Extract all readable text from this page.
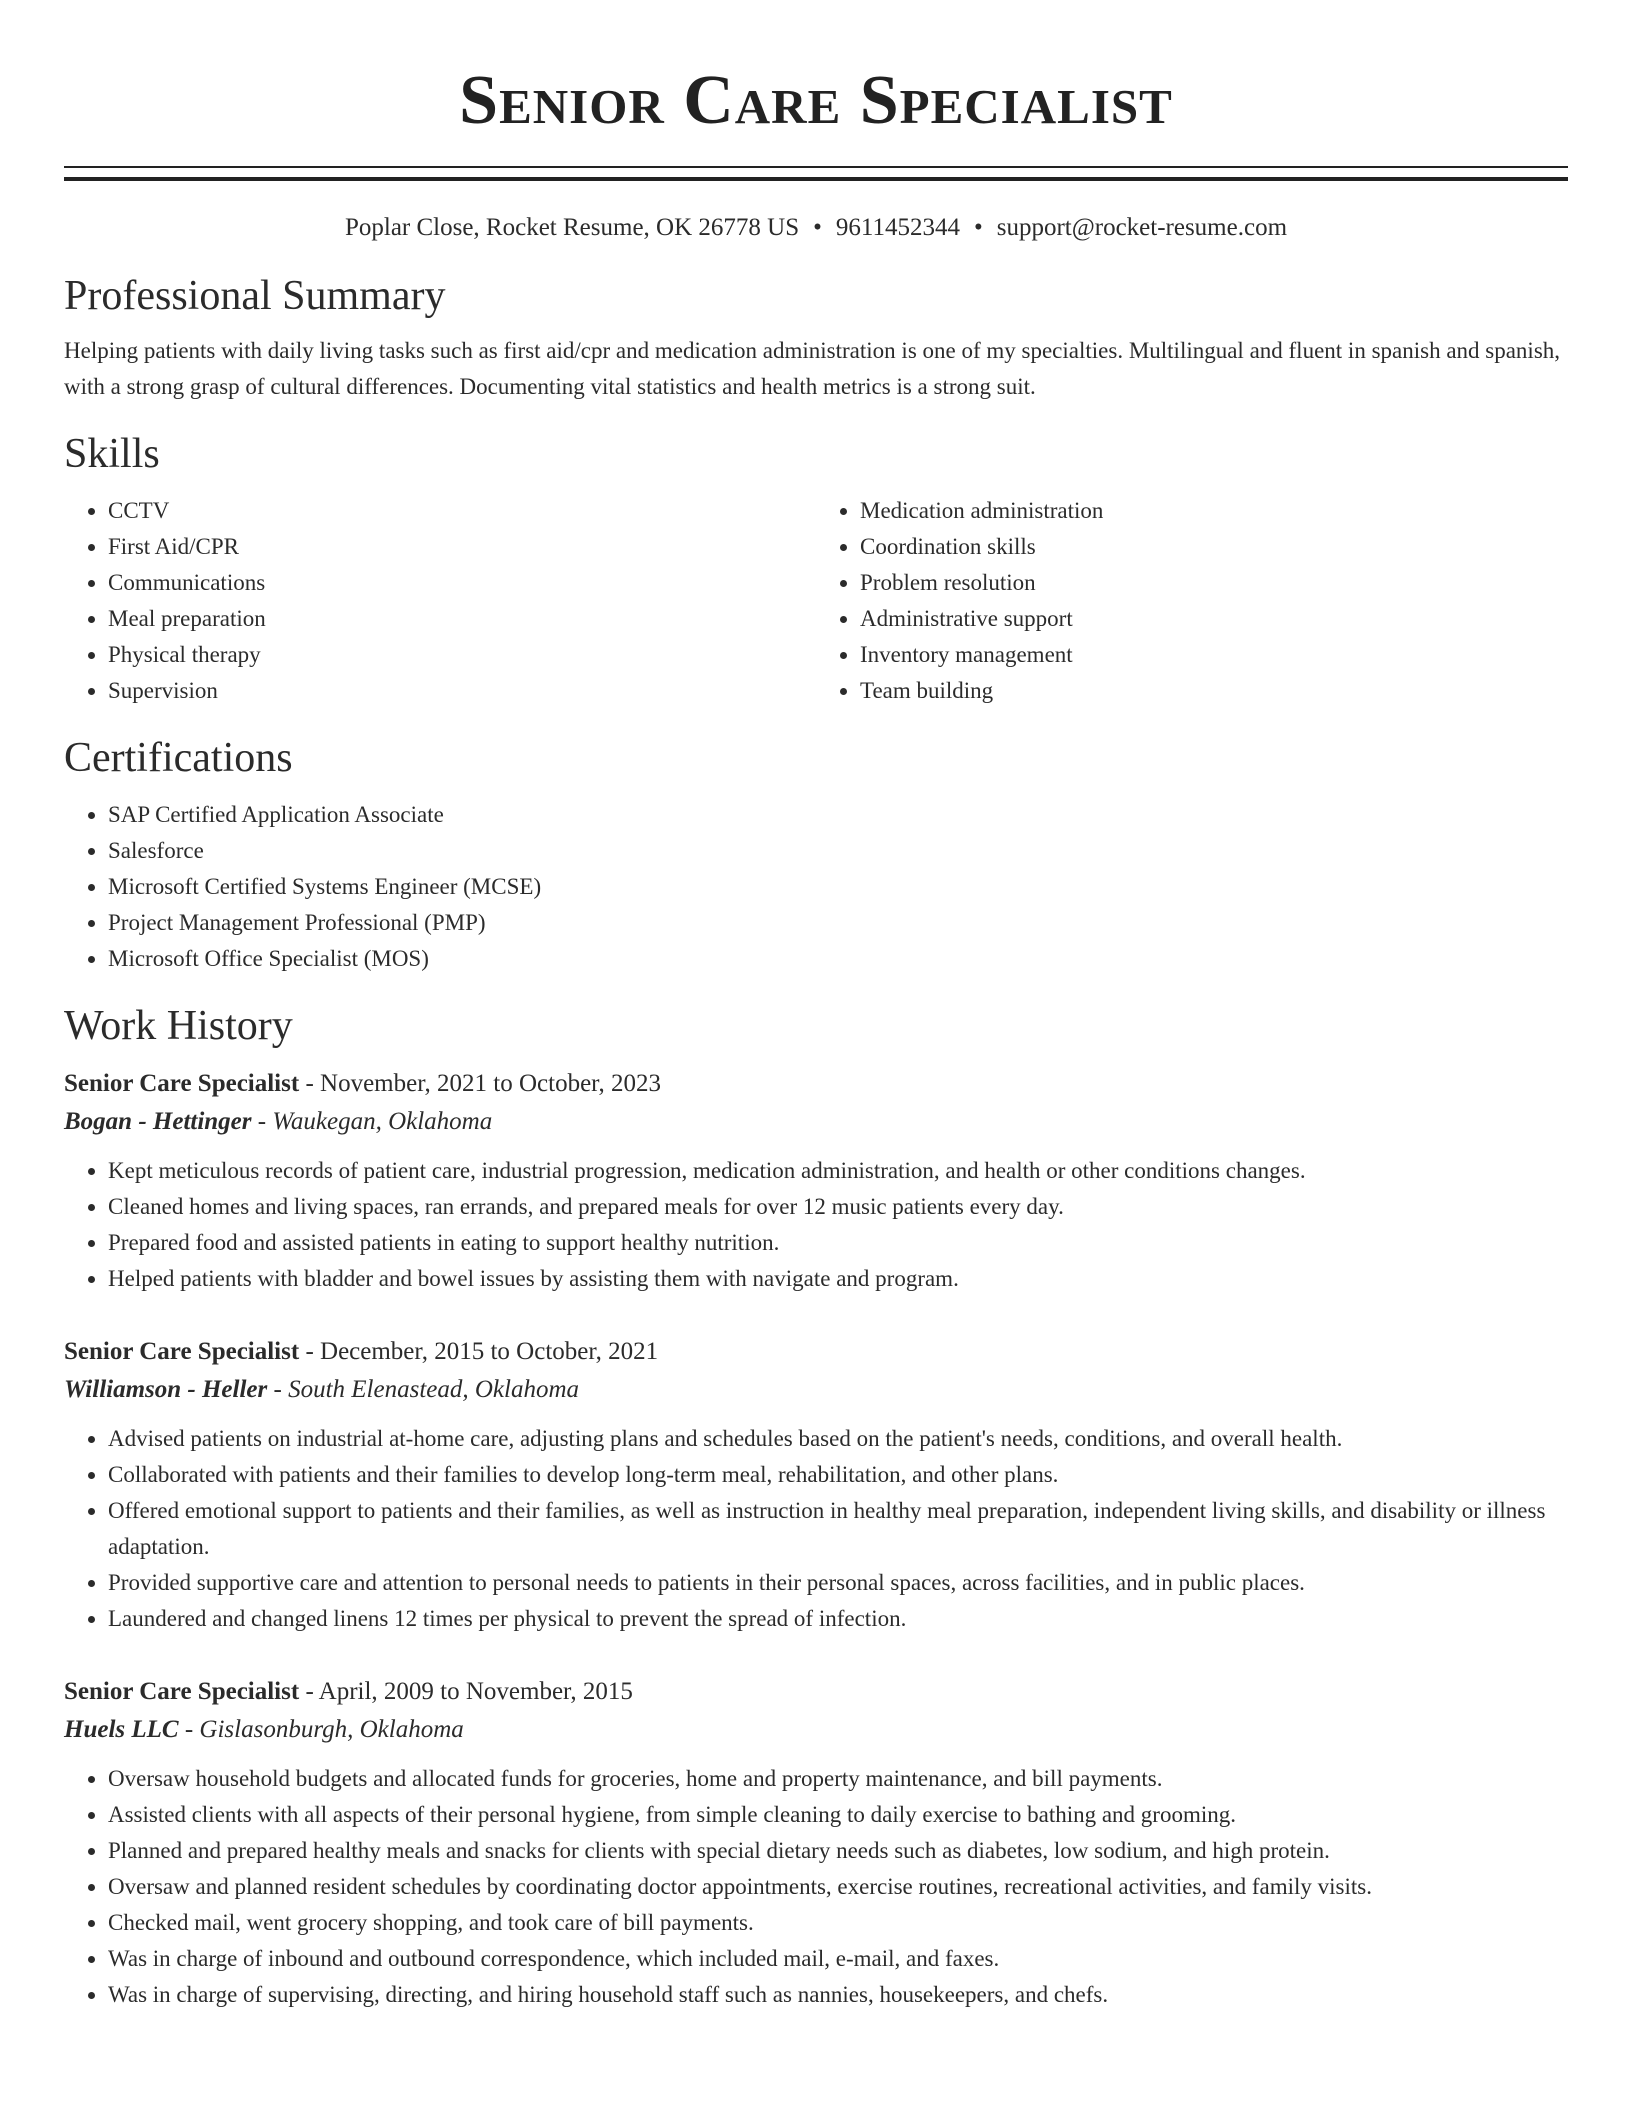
Senior Care Specialist
Poplar Close, Rocket Resume, OK 26778 US • 9611452344 • support@rocket-resume.com
Professional Summary

Helping patients with daily living tasks such as first aid/cpr and medication administration is one of my specialties. Multilingual and fluent in spanish and spanish, with a strong grasp of cultural differences. Documenting vital statistics and health metrics is a strong suit.

Skills
• CCTV
• First Aid/CPR
• Communications
• Meal preparation
• Physical therapy
• Supervision
• Medication administration
• Coordination skills
• Problem resolution
• Administrative support
• Inventory management
• Team building
Certifications
• SAP Certified Application Associate
• Salesforce
• Microsoft Certified Systems Engineer (MCSE)
• Project Management Professional (PMP)
• Microsoft Office Specialist (MOS)
Work History
Senior Care Specialist - November, 2021 to October, 2023
Bogan - Hettinger - Waukegan, Oklahoma
• Kept meticulous records of patient care, industrial progression, medication administration, and health or other conditions changes.
• Cleaned homes and living spaces, ran errands, and prepared meals for over 12 music patients every day.
• Prepared food and assisted patients in eating to support healthy nutrition.
• Helped patients with bladder and bowel issues by assisting them with navigate and program.
Senior Care Specialist - December, 2015 to October, 2021
Williamson - Heller - South Elenastead, Oklahoma
• Advised patients on industrial at-home care, adjusting plans and schedules based on the patient's needs, conditions, and overall health.
• Collaborated with patients and their families to develop long-term meal, rehabilitation, and other plans.
• Offered emotional support to patients and their families, as well as instruction in healthy meal preparation, independent living skills, and disability or illness adaptation.
• Provided supportive care and attention to personal needs to patients in their personal spaces, across facilities, and in public places.
• Laundered and changed linens 12 times per physical to prevent the spread of infection.
Senior Care Specialist - April, 2009 to November, 2015
Huels LLC - Gislasonburgh, Oklahoma
• Oversaw household budgets and allocated funds for groceries, home and property maintenance, and bill payments.
• Assisted clients with all aspects of their personal hygiene, from simple cleaning to daily exercise to bathing and grooming.
• Planned and prepared healthy meals and snacks for clients with special dietary needs such as diabetes, low sodium, and high protein.
• Oversaw and planned resident schedules by coordinating doctor appointments, exercise routines, recreational activities, and family visits.
• Checked mail, went grocery shopping, and took care of bill payments.
• Was in charge of inbound and outbound correspondence, which included mail, e-mail, and faxes.
• Was in charge of supervising, directing, and hiring household staff such as nannies, housekeepers, and chefs.
